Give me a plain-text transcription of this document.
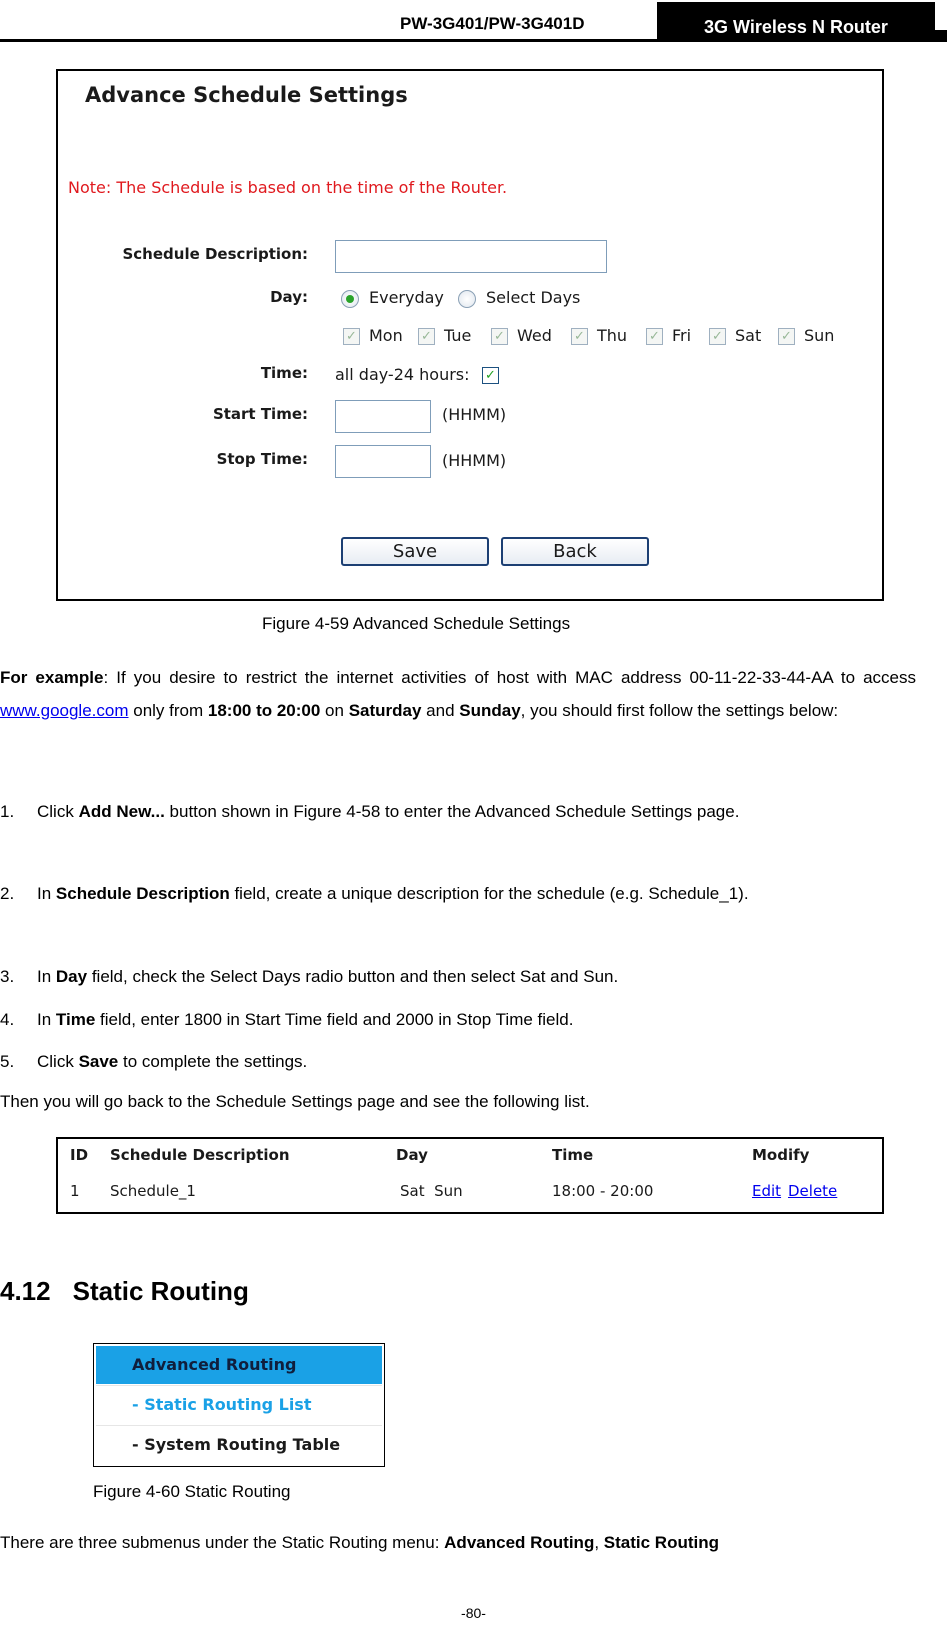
PW-3G401/PW-3G401D	3G Wireless N Router
Advance Schedule Settings
Note: The Schedule is based on the time of the Router.
Schedule Description:
Day:	Everyday	Select Days
✓ Mon ✓ Tue ✓ Wed ✓ Thu ✓ Fri ✓ Sat ✓ Sun
Time: all day-24 hours: ✓
Start Time:	(HHMM)
Stop Time:	(HHMM)
Save	Back
Figure 4-59 Advanced Schedule Settings
For example: If you desire to restrict the internet activities of host with MAC address 00-11-22-33-44-AA to access www.google.com only from 18:00 to 20:00 on Saturday and Sunday, you should first follow the settings below:
1. Click Add New... button shown in Figure 4-58 to enter the Advanced Schedule Settings page.
2. In Schedule Description field, create a unique description for the schedule (e.g. Schedule_1).
3. In Day field, check the Select Days radio button and then select Sat and Sun.
4. In Time field, enter 1800 in Start Time field and 2000 in Stop Time field.
5. Click Save to complete the settings.
Then you will go back to the Schedule Settings page and see the following list.
ID Schedule Description	Day	Time	Modify
1 Schedule_1	Sat  Sun	18:00 - 20:00	Edit Delete
4.12 Static Routing
Advanced Routing
- Static Routing List
- System Routing Table
Figure 4-60 Static Routing
There are three submenus under the Static Routing menu: Advanced Routing, Static Routing
-80-
